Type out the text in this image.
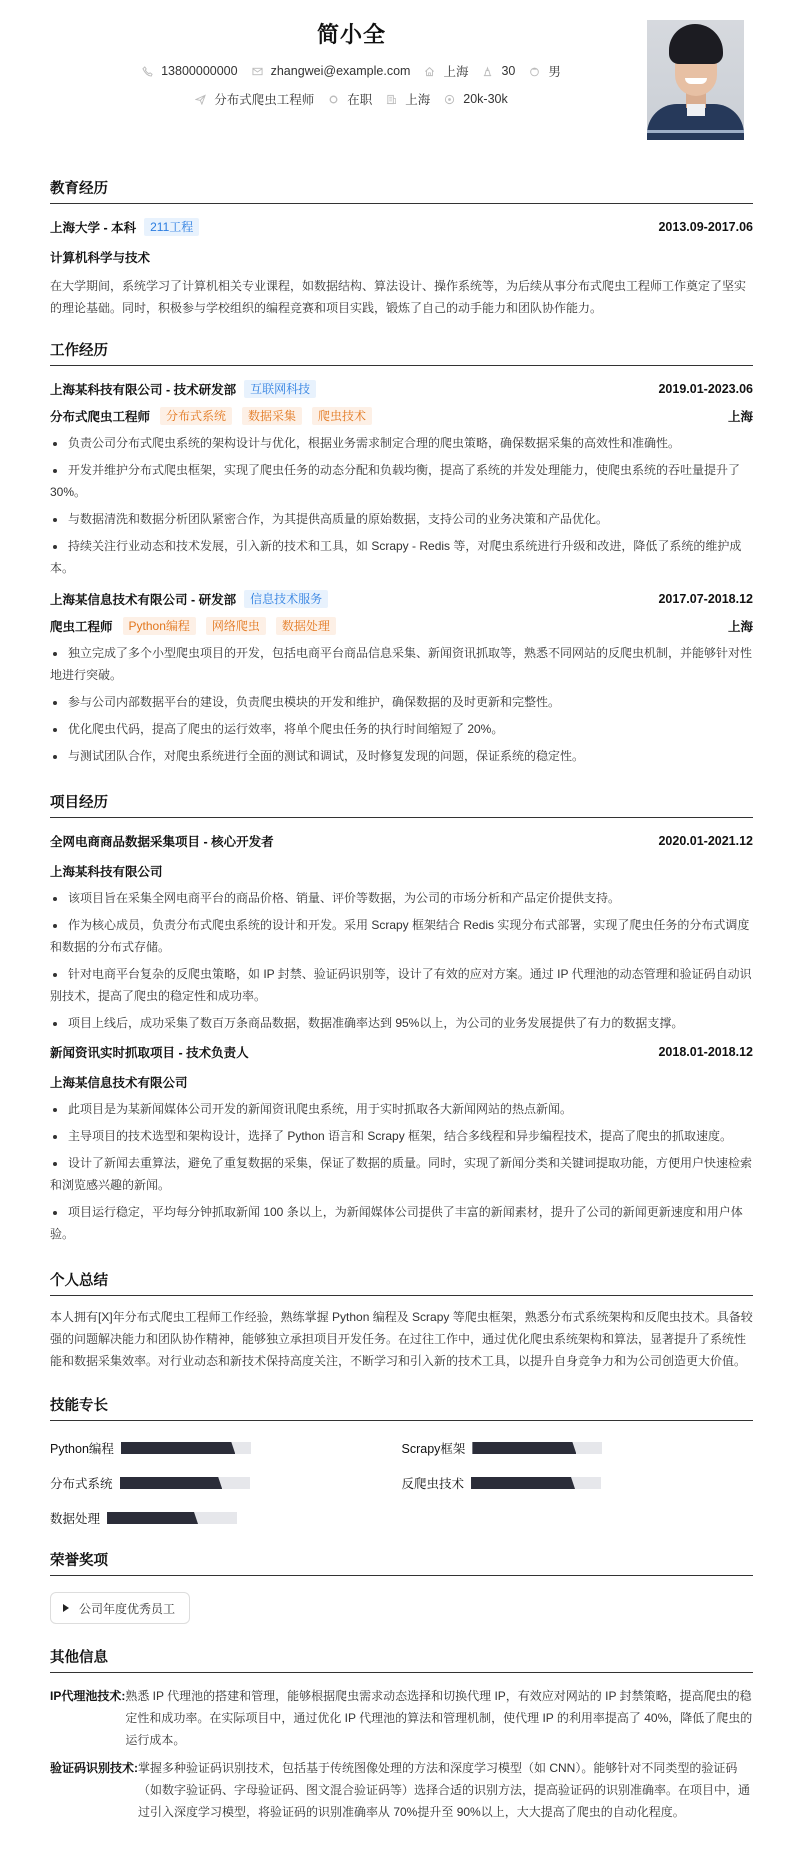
简小全
13800000000	zhangwei@example.com	上海	30	男
分布式爬虫工程师	在职	上海	20k-30k
教育经历
上海大学 - 本科	211工程	2013.09-2017.06
计算机科学与技术
在大学期间，系统学习了计算机相关专业课程，如数据结构、算法设计、操作系统等，为后续从事分布式爬虫工程师工作奠定了坚实的理论基础。同时，积极参与学校组织的编程竞赛和项目实践，锻炼了自己的动手能力和团队协作能力。
工作经历
上海某科技有限公司 - 技术研发部	互联网科技	2019.01-2023.06
分布式爬虫工程师	分布式系统	数据采集	爬虫技术	上海
负责公司分布式爬虫系统的架构设计与优化，根据业务需求制定合理的爬虫策略，确保数据采集的高效性和准确性。
开发并维护分布式爬虫框架，实现了爬虫任务的动态分配和负载均衡，提高了系统的并发处理能力，使爬虫系统的吞吐量提升了 30%。
与数据清洗和数据分析团队紧密合作，为其提供高质量的原始数据，支持公司的业务决策和产品优化。
持续关注行业动态和技术发展，引入新的技术和工具，如 Scrapy - Redis 等，对爬虫系统进行升级和改进，降低了系统的维护成本。
上海某信息技术有限公司 - 研发部	信息技术服务	2017.07-2018.12
爬虫工程师	Python编程	网络爬虫	数据处理	上海
独立完成了多个小型爬虫项目的开发，包括电商平台商品信息采集、新闻资讯抓取等，熟悉不同网站的反爬虫机制，并能够针对性地进行突破。
参与公司内部数据平台的建设，负责爬虫模块的开发和维护，确保数据的及时更新和完整性。
优化爬虫代码，提高了爬虫的运行效率，将单个爬虫任务的执行时间缩短了 20%。
与测试团队合作，对爬虫系统进行全面的测试和调试，及时修复发现的问题，保证系统的稳定性。
项目经历
全网电商商品数据采集项目 - 核心开发者	2020.01-2021.12
上海某科技有限公司
该项目旨在采集全网电商平台的商品价格、销量、评价等数据，为公司的市场分析和产品定价提供支持。
作为核心成员，负责分布式爬虫系统的设计和开发。采用 Scrapy 框架结合 Redis 实现分布式部署，实现了爬虫任务的分布式调度和数据的分布式存储。
针对电商平台复杂的反爬虫策略，如 IP 封禁、验证码识别等，设计了有效的应对方案。通过 IP 代理池的动态管理和验证码自动识别技术，提高了爬虫的稳定性和成功率。
项目上线后，成功采集了数百万条商品数据，数据准确率达到 95%以上，为公司的业务发展提供了有力的数据支撑。
新闻资讯实时抓取项目 - 技术负责人	2018.01-2018.12
上海某信息技术有限公司
此项目是为某新闻媒体公司开发的新闻资讯爬虫系统，用于实时抓取各大新闻网站的热点新闻。
主导项目的技术选型和架构设计，选择了 Python 语言和 Scrapy 框架，结合多线程和异步编程技术，提高了爬虫的抓取速度。
设计了新闻去重算法，避免了重复数据的采集，保证了数据的质量。同时，实现了新闻分类和关键词提取功能，方便用户快速检索和浏览感兴趣的新闻。
项目运行稳定，平均每分钟抓取新闻 100 条以上，为新闻媒体公司提供了丰富的新闻素材，提升了公司的新闻更新速度和用户体验。
个人总结
本人拥有[X]年分布式爬虫工程师工作经验，熟练掌握 Python 编程及 Scrapy 等爬虫框架，熟悉分布式系统架构和反爬虫技术。具备较强的问题解决能力和团队协作精神，能够独立承担项目开发任务。在过往工作中，通过优化爬虫系统架构和算法，显著提升了系统性能和数据采集效率。对行业动态和新技术保持高度关注，不断学习和引入新的技术工具，以提升自身竞争力和为公司创造更大价值。
技能专长
Python编程	Scrapy框架
分布式系统	反爬虫技术
数据处理
荣誉奖项
公司年度优秀员工
其他信息
IP代理池技术: 熟悉 IP 代理池的搭建和管理，能够根据爬虫需求动态选择和切换代理 IP，有效应对网站的 IP 封禁策略，提高爬虫的稳定性和成功率。在实际项目中，通过优化 IP 代理池的算法和管理机制，使代理 IP 的利用率提高了 40%，降低了爬虫的运行成本。
验证码识别技术: 掌握多种验证码识别技术，包括基于传统图像处理的方法和深度学习模型（如 CNN）。能够针对不同类型的验证码（如数字验证码、字母验证码、图文混合验证码等）选择合适的识别方法，提高验证码的识别准确率。在项目中，通过引入深度学习模型，将验证码的识别准确率从 70%提升至 90%以上，大大提高了爬虫的自动化程度。
